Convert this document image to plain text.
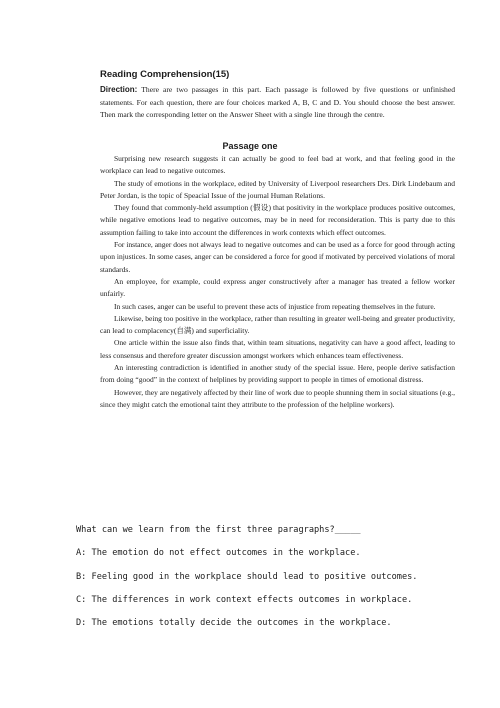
Reading Comprehension(15)
Direction: There are two passages in this part. Each passage is followed by five questions or unfinished statements. For each question, there are four choices marked A, B, C and D. You should choose the best answer. Then mark the corresponding letter on the Answer Sheet with a single line through the centre.
Passage one

Surprising new research suggests it can actually be good to feel bad at work, and that feeling good in the workplace can lead to negative outcomes.

The study of emotions in the workplace, edited by University of Liverpool researchers Drs. Dirk Lindebaum and Peter Jordan, is the topic of Speacial Issue of the journal Human Relations.

They found that commonly-held assumption (假设) that positivity in the workplace produces positive outcomes, while negative emotions lead to negative outcomes, may be in need for reconsideration. This is party due to this assumption failing to take into account the differences in work contexts which effect outcomes.

For instance, anger does not always lead to negative outcomes and can be used as a force for good through acting upon injustices. In some cases, anger can be considered a force for good if motivated by perceived violations of moral standards.

An employee, for example, could express anger constructively after a manager has treated a fellow worker unfairly.

In such cases, anger can be useful to prevent these acts of injustice from repeating themselves in the future.

Likewise, being too positive in the workplace, rather than resulting in greater well-being and greater productivity, can lead to complacency(自满) and superficiality.

One article within the issue also finds that, within team situations, negativity can have a good affect, leading to less consensus and therefore greater discussion amongst workers which enhances team effectiveness.

An interesting contradiction is identified in another study of the special issue. Here, people derive satisfaction from doing “good” in the context of helplines by providing support to people in times of emotional distress.

However, they are negatively affected by their line of work due to people shunning them in social situations (e.g., since they might catch the emotional taint they attribute to the profession of the helpline workers).

What can we learn from the first three paragraphs?_____
A: The emotion do not effect outcomes in the workplace.
B: Feeling good in the workplace should lead to positive outcomes.
C: The differences in work context effects outcomes in workplace.
D: The emotions totally decide the outcomes in the workplace.
